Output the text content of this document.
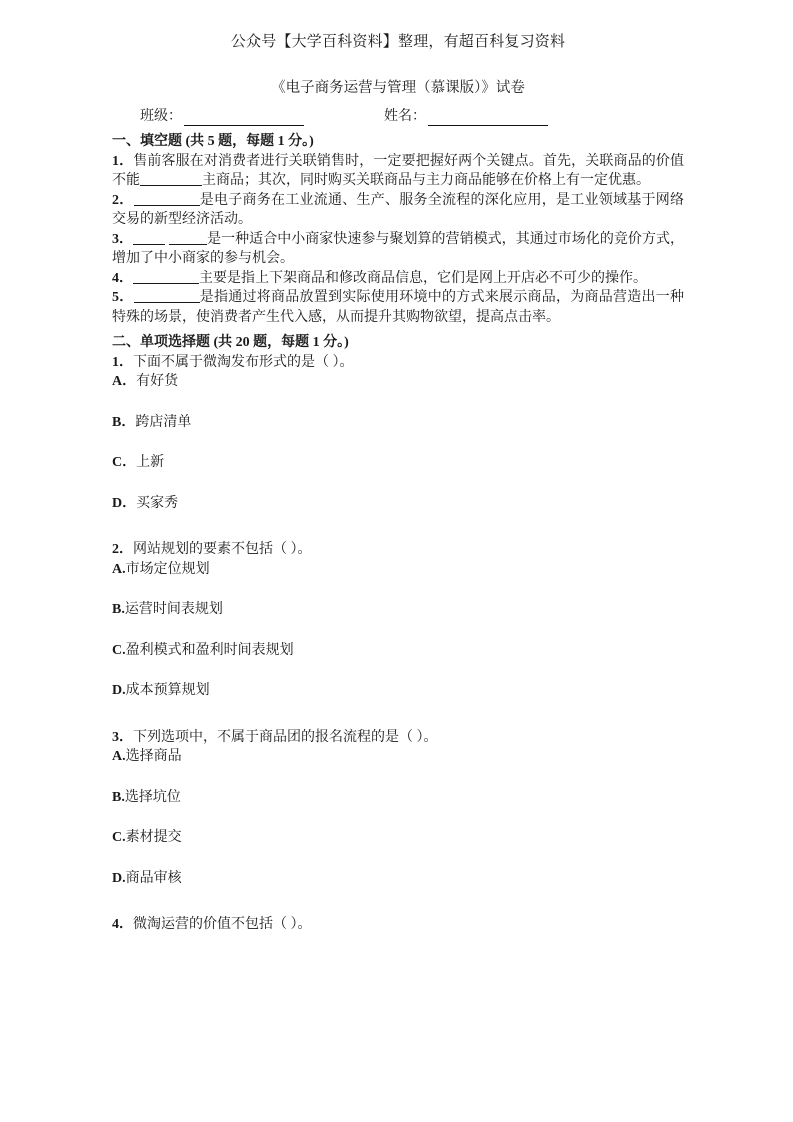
公众号【大学百科资料】整理，有超百科复习资料
《电子商务运营与管理（慕课版）》试卷
班级：	姓名：
一、填空题 (共 5 题，每题 1 分。)

1．售前客服在对消费者进行关联销售时，一定要把握好两个关键点。首先，关联商品的价值不能	主商品；其次，同时购买关联商品与主力商品能够在价格上有一定优惠。

2．	是电子商务在工业流通、生产、服务全流程的深化应用，是工业领域基于网络交易的新型经济活动。

3．	是一种适合中小商家快速参与聚划算的营销模式，其通过市场化的竞价方式，增加了中小商家的参与机会。

4．	主要是指上下架商品和修改商品信息，它们是网上开店必不可少的操作。

5．	是指通过将商品放置到实际使用环境中的方式来展示商品，为商品营造出一种特殊的场景，使消费者产生代入感，从而提升其购物欲望，提高点击率。

二、单项选择题 (共 20 题，每题 1 分。)

1．下面不属于微淘发布形式的是（ ）。

A．有好货

B．跨店清单

C．上新

D．买家秀

2．网站规划的要素不包括（ ）。

A.市场定位规划

B.运营时间表规划

C.盈利模式和盈利时间表规划

D.成本预算规划

3．下列选项中，不属于商品团的报名流程的是（ ）。

A.选择商品

B.选择坑位

C.素材提交

D.商品审核

4．微淘运营的价值不包括（ ）。
